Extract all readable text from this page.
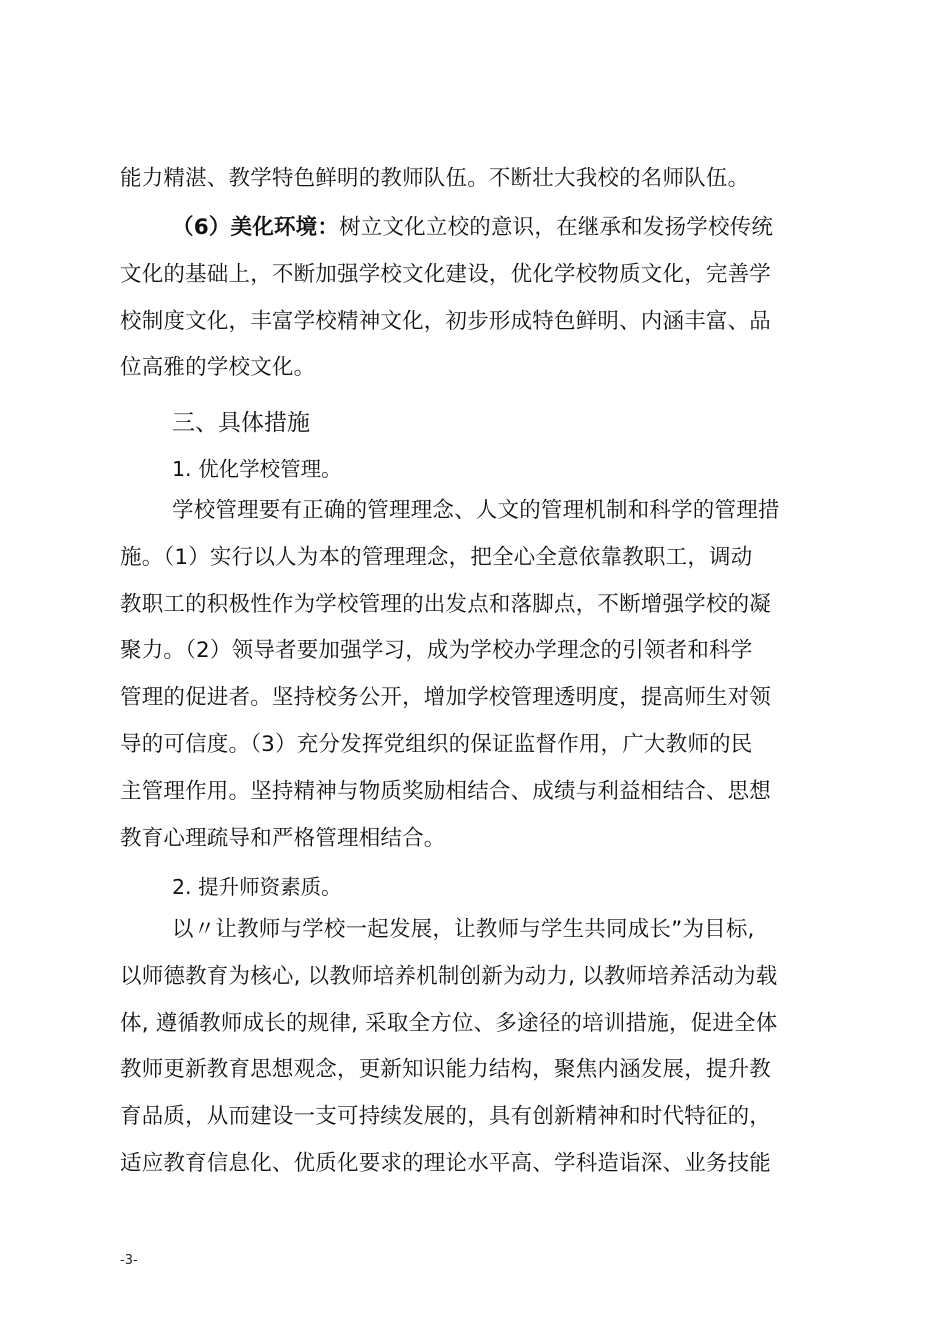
能力精湛、教学特色鲜明的教师队伍。不断壮大我校的名师队伍。
（6）美化环境：树立文化立校的意识，在继承和发扬学校传统
文化的基础上，不断加强学校文化建设，优化学校物质文化，完善学
校制度文化，丰富学校精神文化，初步形成特色鲜明、内涵丰富、品
位高雅的学校文化。
三、具体措施
1. 优化学校管理。
学校管理要有正确的管理理念、人文的管理机制和科学的管理措
施。（1）实行以人为本的管理理念，把全心全意依靠教职工，调动
教职工的积极性作为学校管理的出发点和落脚点，不断增强学校的凝
聚力。（2）领导者要加强学习，成为学校办学理念的引领者和科学
管理的促进者。坚持校务公开，增加学校管理透明度，提高师生对领
导的可信度。（3）充分发挥党组织的保证监督作用，广大教师的民
主管理作用。坚持精神与物质奖励相结合、成绩与利益相结合、思想
教育心理疏导和严格管理相结合。
2. 提升师资素质。
以〃让教师与学校一起发展，让教师与学生共同成长”为目标,
以师德教育为核心, 以教师培养机制创新为动力, 以教师培养活动为载
体, 遵循教师成长的规律, 采取全方位、多途径的培训措施，促进全体
教师更新教育思想观念，更新知识能力结构，聚焦内涵发展，提升教
育品质，从而建设一支可持续发展的，具有创新精神和时代特征的，
适应教育信息化、优质化要求的理论水平高、学科造诣深、业务技能
-3-
